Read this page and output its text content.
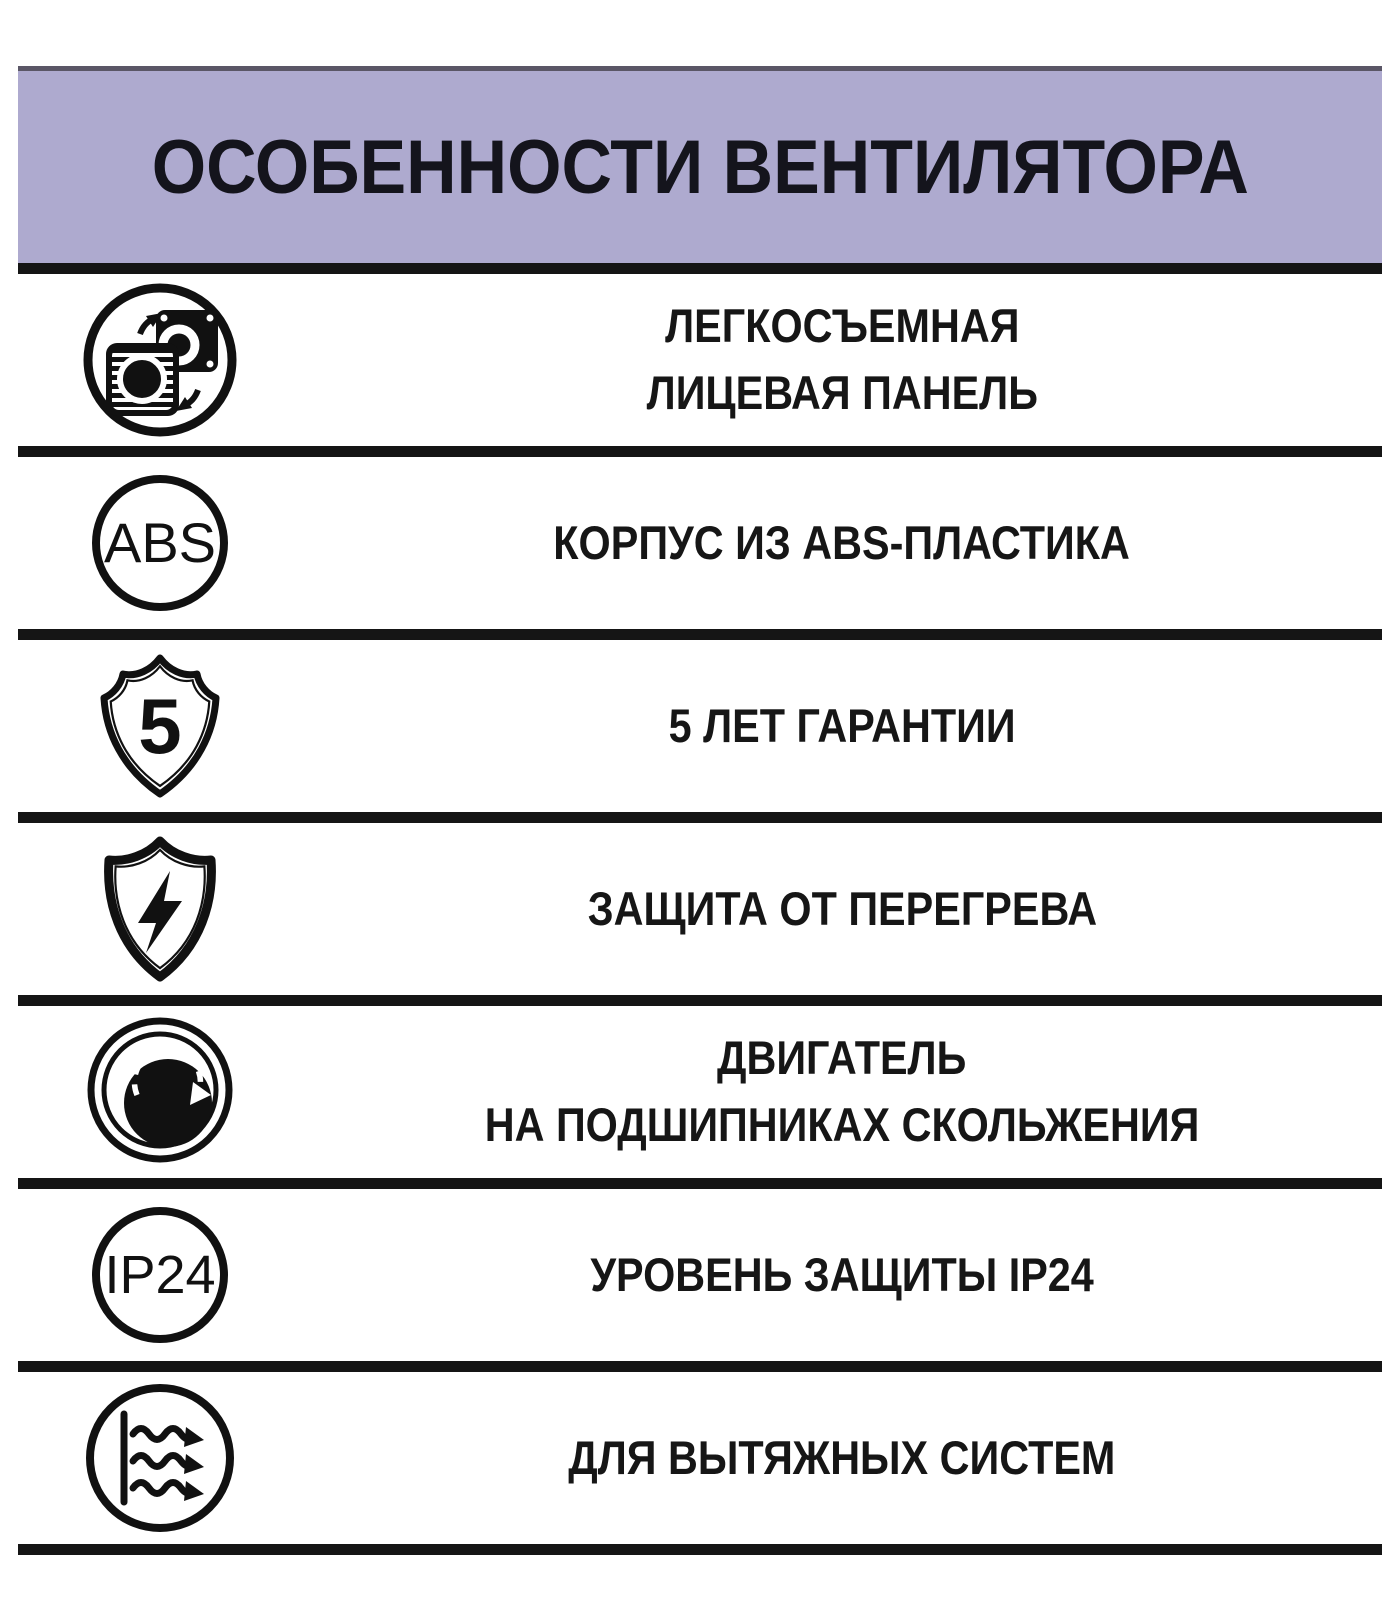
ОСОБЕННОСТИ ВЕНТИЛЯТОРА
ЛЕГКОСЪЕМНАЯ
ЛИЦЕВАЯ ПАНЕЛЬ
ABS	КОРПУС ИЗ ABS-ПЛАСТИКА
5	5 ЛЕТ ГАРАНТИИ
ЗАЩИТА ОТ ПЕРЕГРЕВА
ДВИГАТЕЛЬ
НА ПОДШИПНИКАХ СКОЛЬЖЕНИЯ
IP24	УРОВЕНЬ ЗАЩИТЫ IP24
ДЛЯ ВЫТЯЖНЫХ СИСТЕМ
